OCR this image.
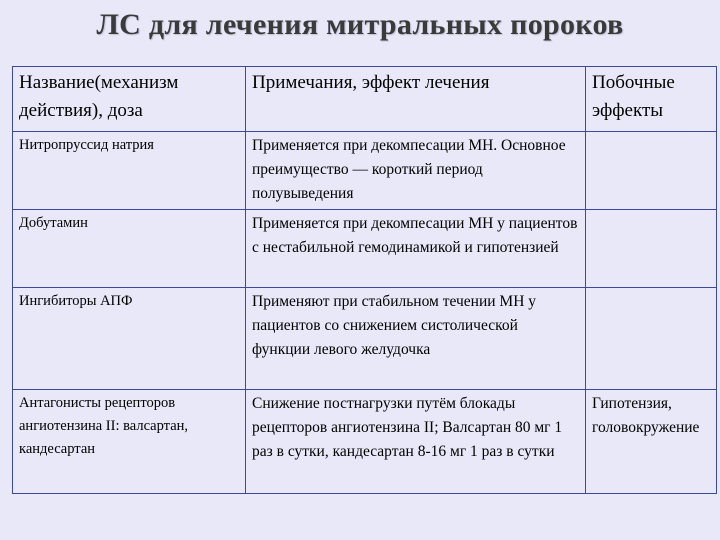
ЛС для лечения митральных пороков
Название(механизм действия), доза	Примечания, эффект лечения	Побочные эффекты
Нитропруссид натрия	Применяется при декомпесации МН. Основное преимущество — короткий период полувыведения	
Добутамин	Применяется при декомпесации МН у пациентов с нестабильной гемодинамикой и гипотензией	
Ингибиторы АПФ	Применяют при стабильном течении МН у пациентов со снижением систолической функции левого желудочка	
Антагонисты рецепторов ангиотензина II: валсартан, кандесартан	Снижение постнагрузки путём блокады рецепторов ангиотензина II; Валсартан 80 мг 1 раз в сутки, кандесартан 8-16 мг 1 раз в сутки	Гипотензия, головокружение
